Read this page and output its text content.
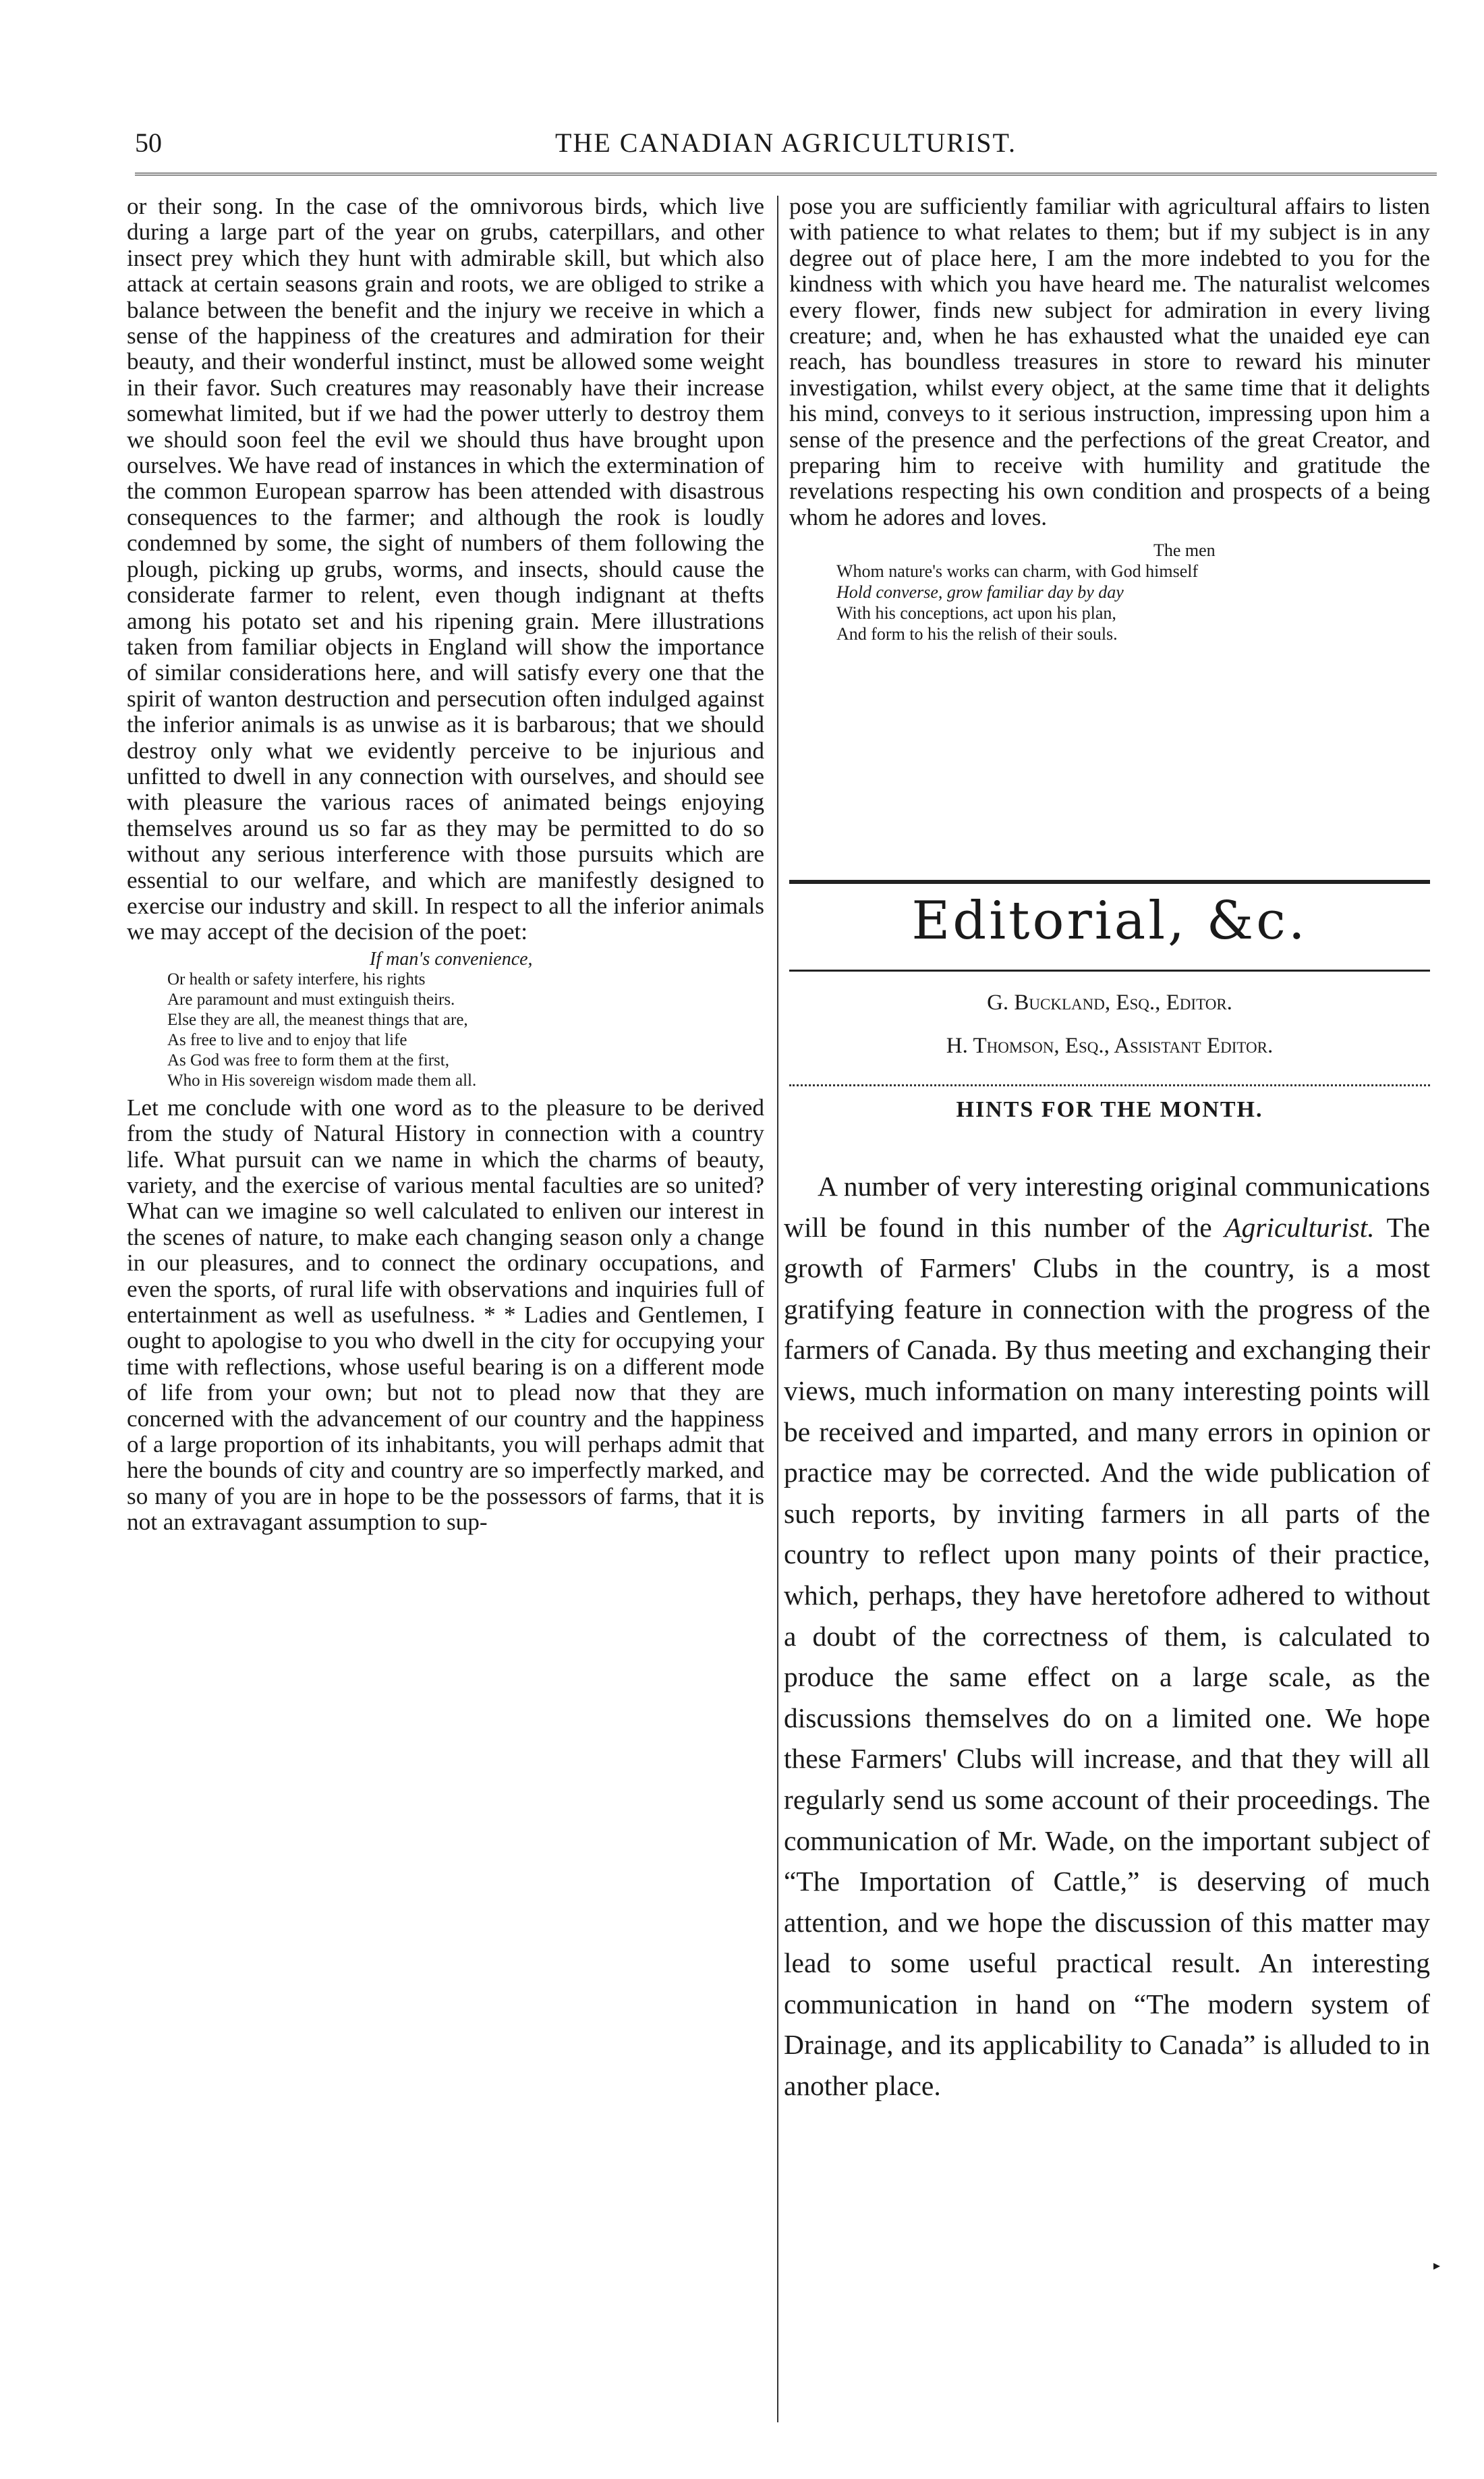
50	THE CANADIAN AGRICULTURIST.

or their song. In the case of the omnivorous birds, which live during a large part of the year on grubs, caterpillars, and other insect prey which they hunt with admirable skill, but which also attack at certain seasons grain and roots, we are obliged to strike a balance between the benefit and the injury we receive in which a sense of the happiness of the creatures and admiration for their beauty, and their wonderful instinct, must be allowed some weight in their favor. Such creatures may reasonably have their increase somewhat limited, but if we had the power utterly to destroy them we should soon feel the evil we should thus have brought upon ourselves. We have read of instances in which the extermination of the common European sparrow has been attended with disastrous consequences to the farmer; and although the rook is loudly condemned by some, the sight of numbers of them following the plough, picking up grubs, worms, and insects, should cause the considerate farmer to relent, even though indignant at thefts among his potato set and his ripening grain. Mere illustrations taken from familiar objects in England will show the importance of similar considerations here, and will satisfy every one that the spirit of wanton destruction and persecution often indulged against the inferior animals is as unwise as it is barbarous; that we should destroy only what we evidently perceive to be injurious and unfitted to dwell in any connection with ourselves, and should see with pleasure the various races of animated beings enjoying themselves around us so far as they may be permitted to do so without any serious interference with those pursuits which are essential to our welfare, and which are manifestly designed to exercise our industry and skill. In respect to all the inferior animals we may accept of the decision of the poet:

If man's convenience,
Or health or safety interfere, his rights
Are paramount and must extinguish theirs.
Else they are all, the meanest things that are,
As free to live and to enjoy that life
As God was free to form them at the first,
Who in His sovereign wisdom made them all.

Let me conclude with one word as to the pleasure to be derived from the study of Natural History in connection with a country life. What pursuit can we name in which the charms of beauty, variety, and the exercise of various mental faculties are so united? What can we imagine so well calculated to enliven our interest in the scenes of nature, to make each changing season only a change in our pleasures, and to connect the ordinary occupations, and even the sports, of rural life with observations and inquiries full of entertainment as well as usefulness. * * Ladies and Gentlemen, I ought to apologise to you who dwell in the city for occupying your time with reflections, whose useful bearing is on a different mode of life from your own; but not to plead now that they are concerned with the advancement of our country and the happiness of a large proportion of its inhabitants, you will perhaps admit that here the bounds of city and country are so imperfectly marked, and so many of you are in hope to be the possessors of farms, that it is not an extravagant assumption to sup-

pose you are sufficiently familiar with agricultural affairs to listen with patience to what relates to them; but if my subject is in any degree out of place here, I am the more indebted to you for the kindness with which you have heard me. The naturalist welcomes every flower, finds new subject for admiration in every living creature; and, when he has exhausted what the unaided eye can reach, has boundless treasures in store to reward his minuter investigation, whilst every object, at the same time that it delights his mind, conveys to it serious instruction, impressing upon him a sense of the presence and the perfections of the great Creator, and preparing him to receive with humility and gratitude the revelations respecting his own condition and prospects of a being whom he adores and loves.

The men
Whom nature's works can charm, with God himself
Hold converse, grow familiar day by day
With his conceptions, act upon his plan,
And form to his the relish of their souls.
Editorial, &c.
G. Buckland, Esq., Editor.
H. Thomson, Esq., Assistant Editor.
HINTS FOR THE MONTH.

A number of very interesting original communications will be found in this number of the Agriculturist. The growth of Farmers' Clubs in the country, is a most gratifying feature in connection with the progress of the farmers of Canada. By thus meeting and exchanging their views, much information on many interesting points will be received and imparted, and many errors in opinion or practice may be corrected. And the wide publication of such reports, by inviting farmers in all parts of the country to reflect upon many points of their practice, which, perhaps, they have heretofore adhered to without a doubt of the correctness of them, is calculated to produce the same effect on a large scale, as the discussions themselves do on a limited one. We hope these Farmers' Clubs will increase, and that they will all regularly send us some account of their proceedings. The communication of Mr. Wade, on the important subject of “The Importation of Cattle,” is deserving of much attention, and we hope the discussion of this matter may lead to some useful practical result. An interesting communication in hand on “The modern system of Drainage, and its applicability to Canada” is alluded to in another place.

▸
